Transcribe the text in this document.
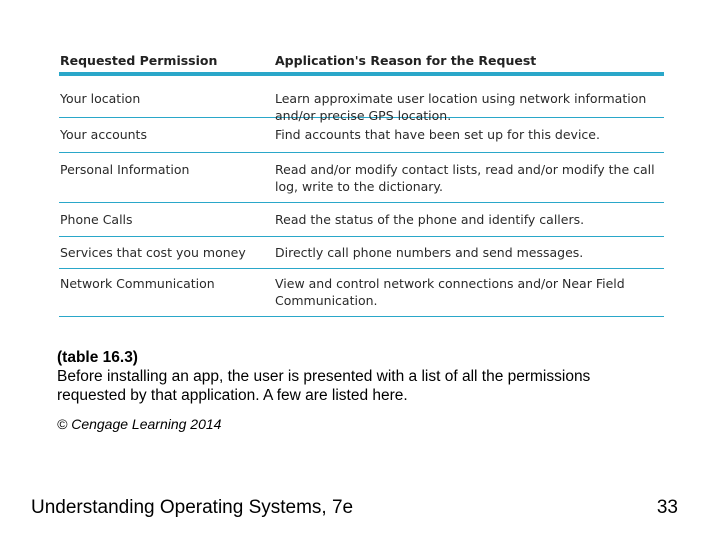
Requested Permission	Application's Reason for the Request
Your location	Learn approximate user location using network information and/or precise GPS location.
Your accounts	Find accounts that have been set up for this device.
Personal Information	Read and/or modify contact lists, read and/or modify the call log, write to the dictionary.
Phone Calls	Read the status of the phone and identify callers.
Services that cost you money	Directly call phone numbers and send messages.
Network Communication	View and control network connections and/or Near Field Communication.
(table 16.3)
Before installing an app, the user is presented with a list of all the permissions requested by that application. A few are listed here.
© Cengage Learning 2014
Understanding Operating Systems, 7e	33
